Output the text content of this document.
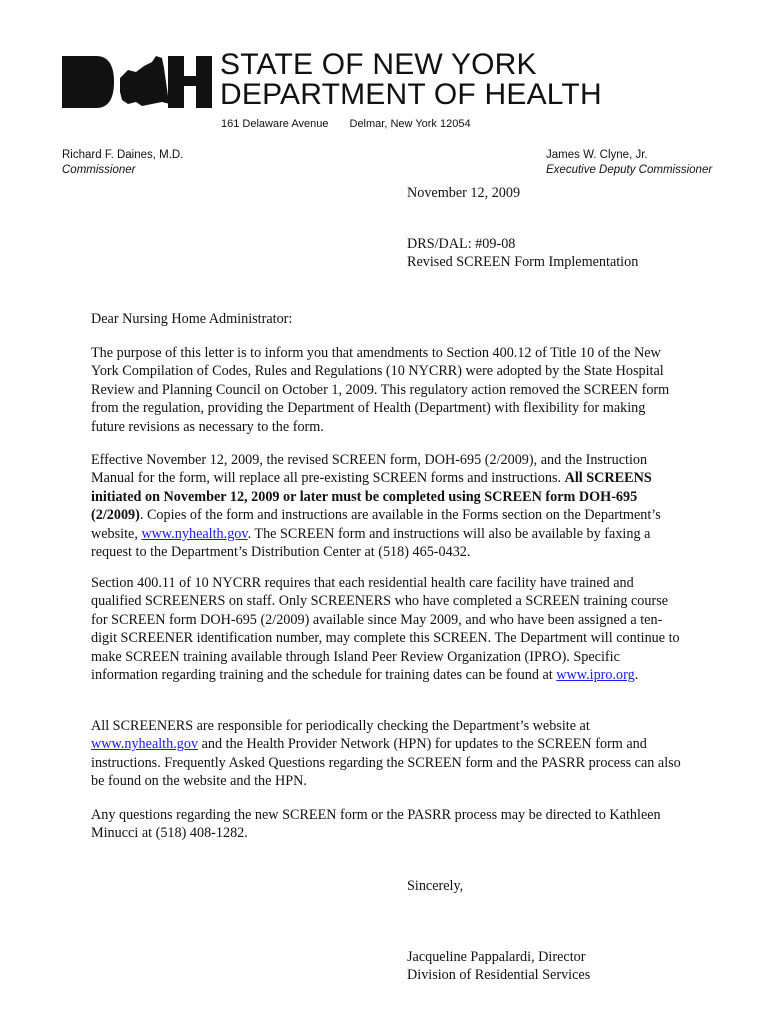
STATE OF NEW YORK
DEPARTMENT OF HEALTH
161 Delaware Avenue Delmar, New York 12054
Richard F. Daines, M.D.
Commissioner
James W. Clyne, Jr.
Executive Deputy Commissioner
November 12, 2009
DRS/DAL: #09-08
Revised SCREEN Form Implementation
Dear Nursing Home Administrator:

The purpose of this letter is to inform you that amendments to Section 400.12 of Title 10 of the New York Compilation of Codes, Rules and Regulations (10 NYCRR) were adopted by the State Hospital Review and Planning Council on October 1, 2009. This regulatory action removed the SCREEN form from the regulation, providing the Department of Health (Department) with flexibility for making future revisions as necessary to the form.

Effective November 12, 2009, the revised SCREEN form, DOH-695 (2/2009), and the Instruction Manual for the form, will replace all pre-existing SCREEN forms and instructions. All SCREENS initiated on November 12, 2009 or later must be completed using SCREEN form DOH-695 (2/2009). Copies of the form and instructions are available in the Forms section on the Department’s website, www.nyhealth.gov. The SCREEN form and instructions will also be available by faxing a request to the Department’s Distribution Center at (518) 465-0432.

Section 400.11 of 10 NYCRR requires that each residential health care facility have trained and qualified SCREENERS on staff. Only SCREENERS who have completed a SCREEN training course for SCREEN form DOH-695 (2/2009) available since May 2009, and who have been assigned a ten-digit SCREENER identification number, may complete this SCREEN. The Department will continue to make SCREEN training available through Island Peer Review Organization (IPRO). Specific information regarding training and the schedule for training dates can be found at www.ipro.org.

All SCREENERS are responsible for periodically checking the Department’s website at www.nyhealth.gov and the Health Provider Network (HPN) for updates to the SCREEN form and instructions. Frequently Asked Questions regarding the SCREEN form and the PASRR process can also be found on the website and the HPN.

Any questions regarding the new SCREEN form or the PASRR process may be directed to Kathleen Minucci at (518) 408-1282.

Sincerely,
Jacqueline Pappalardi, Director
Division of Residential Services
